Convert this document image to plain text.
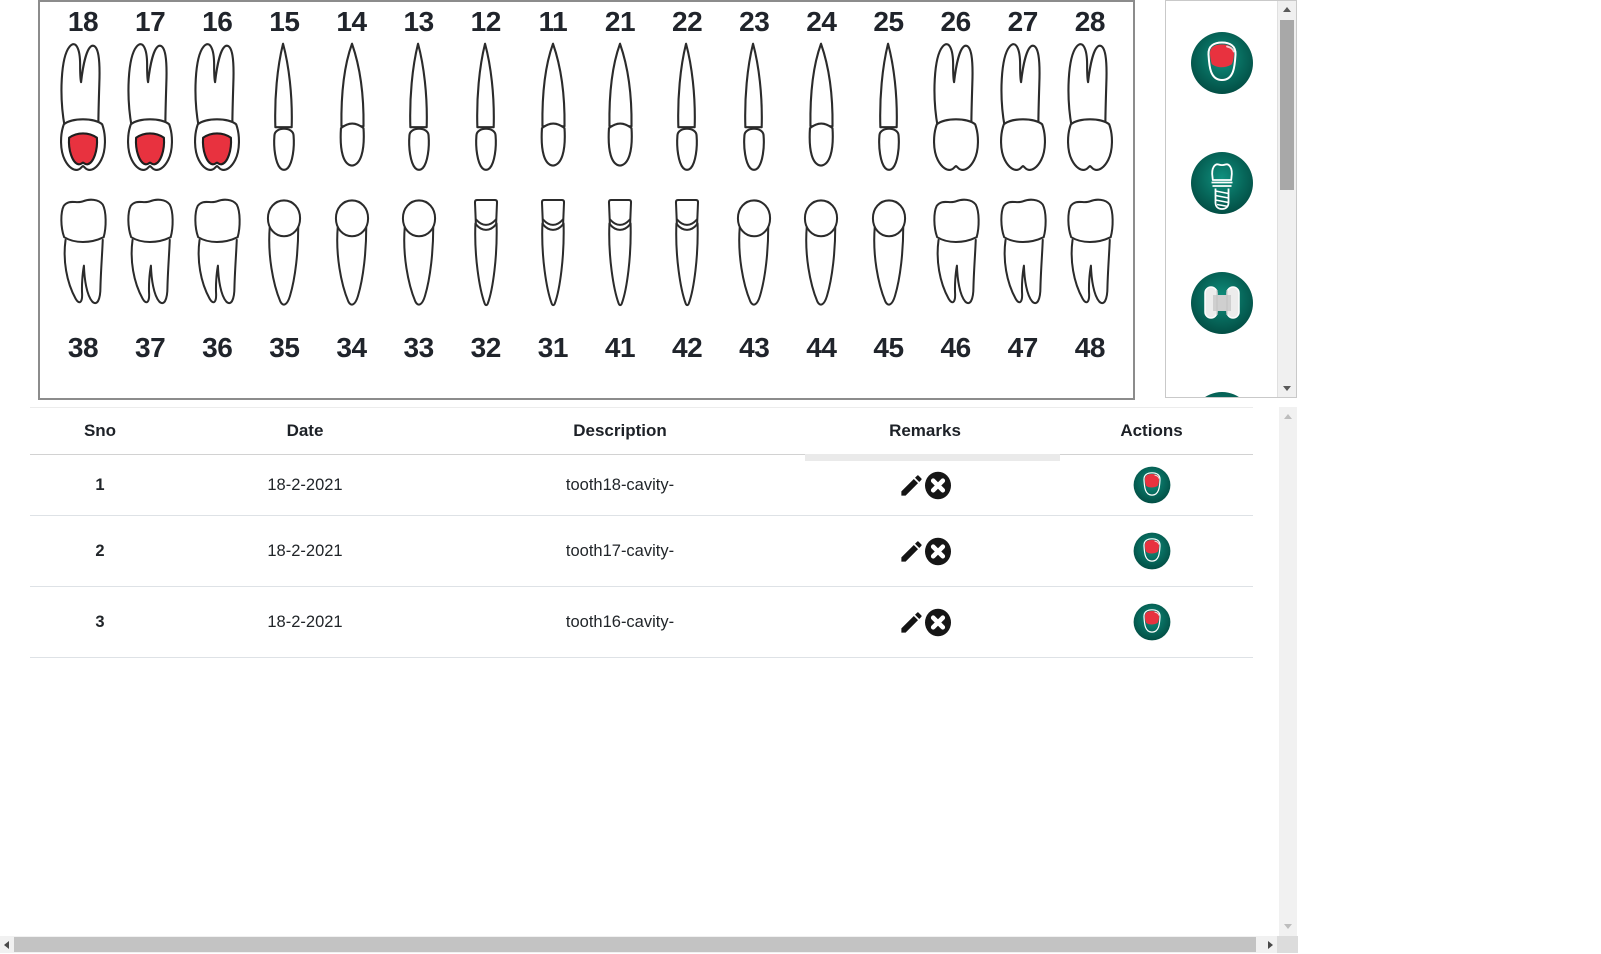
18 17 16 15 14 13 12 11 21 22 23 24 25 26 27 28
38 37 36 35 34 33 32 31 41 42 43 44 45 46 47 48
Sno	Date	Description	Remarks	Actions
1	18-2-2021	tooth18-cavity-
2	18-2-2021	tooth17-cavity-
3	18-2-2021	tooth16-cavity-
